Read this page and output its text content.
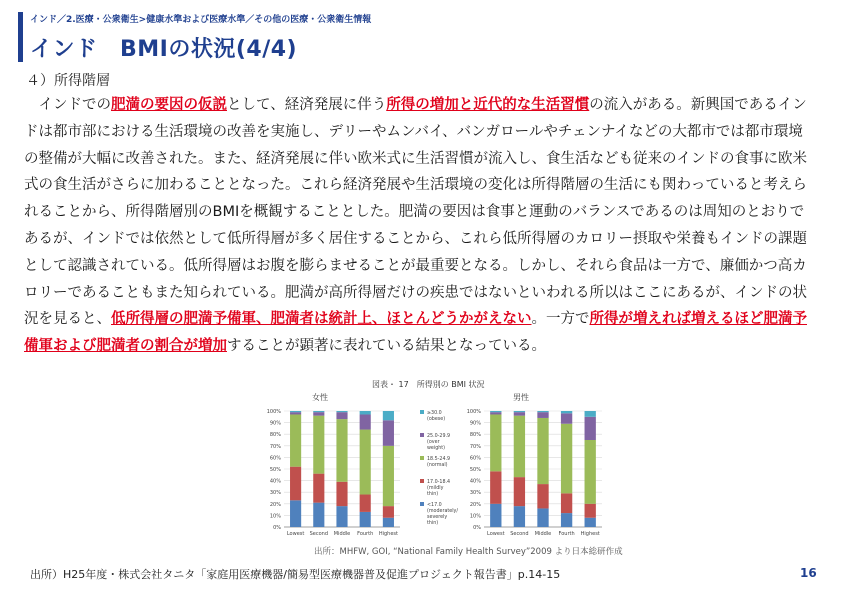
インド／2.医療・公衆衛生>健康水準および医療水準／その他の医療・公衆衛生情報
インド　BMIの状況(4/4)
４）所得階層

　インドでの肥満の要因の仮説として、経済発展に伴う所得の増加と近代的な生活習慣の流入がある。新興国であるインドは都市部における生活環境の改善を実施し、デリーやムンバイ、バンガロールやチェンナイなどの大都市では都市環境の整備が大幅に改善された。また、経済発展に伴い欧米式に生活習慣が流入し、食生活なども従来のインドの食事に欧米式の食生活がさらに加わることとなった。これら経済発展や生活環境の変化は所得階層の生活にも関わっていると考えられることから、所得階層別のBMIを概観することとした。肥満の要因は食事と運動のバランスであるのは周知のとおりであるが、インドでは依然として低所得層が多く居住することから、これら低所得層のカロリー摂取や栄養もインドの課題として認識されている。低所得層はお腹を膨らませることが最重要となる。しかし、それら食品は一方で、廉価かつ高カロリーであることもまた知られている。肥満が高所得層だけの疾患ではないといわれる所以はここにあるが、インドの状況を見ると、低所得層の肥満予備軍、肥満者は統計上、ほとんどうかがえない。一方で所得が増えれば増えるほど肥満予備軍および肥満者の割合が増加することが顕著に表れている結果となっている。

図表・ 17　所得別の BMI 状況
女性
0%
10%
20%
30%
40%
50%
60%
70%
80%
90%
100%
Lowest Second Middle Fourth Highest
男性
0%
10%
20%
30%
40%
50%
60%
70%
80%
90%
100%
Lowest Second Middle Fourth Highest
≥30.0
(obese)
25.0-29.9
(over
weight)
18.5-24.9
(normal)
17.0-18.4
(mildly
thin)
<17.0
(moderately/
severely
thin)
出所：MHFW, GOI, “National Family Health Survey”2009 より日本総研作成
出所）H25年度・株式会社タニタ「家庭用医療機器/簡易型医療機器普及促進プロジェクト報告書」p.14-15	16
